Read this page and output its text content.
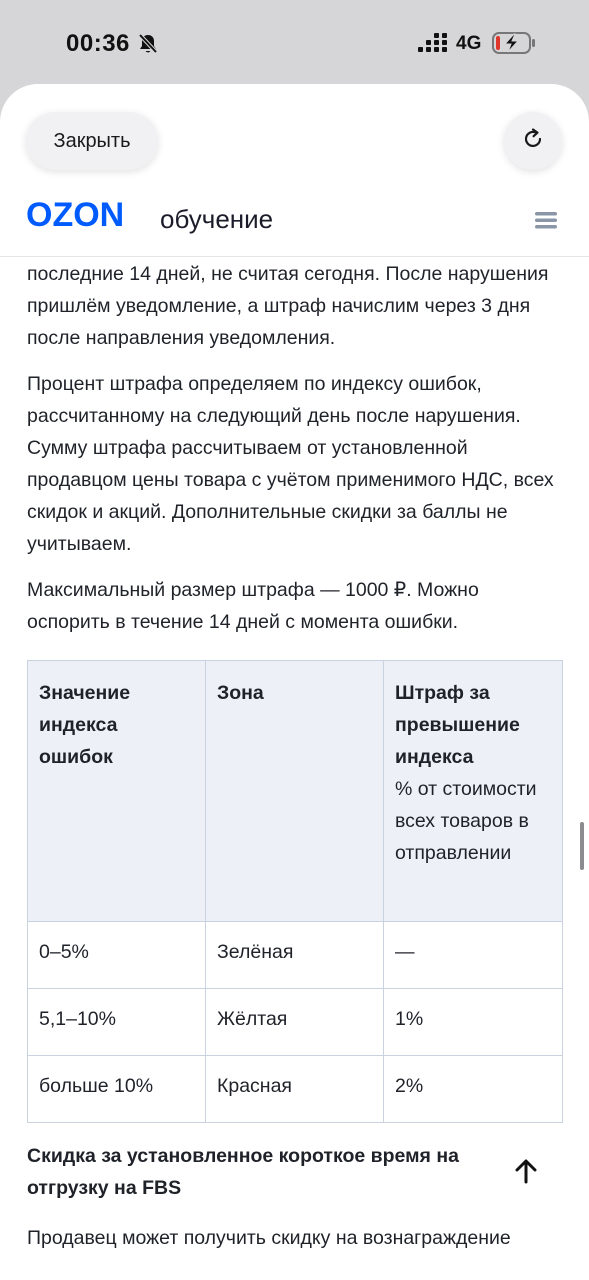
00:36	4G
Закрыть
OZON обучение

последние 14 дней, не считая сегодня. После нарушения пришлём уведомление, а штраф начислим через 3 дня после направления уведомления.

Процент штрафа определяем по индексу ошибок, рассчитанному на следующий день после нарушения. Сумму штрафа рассчитываем от установленной продавцом цены товара с учётом применимого НДС, всех скидок и акций. Дополнительные скидки за баллы не учитываем.

Максимальный размер штрафа — 1000 ₽. Можно оспорить в течение 14 дней с момента ошибки.

Значение индекса ошибок	Зона	Штраф за превышение индекса
% от стоимости всех товаров в отправлении

0–5%	Зелёная	—
5,1–10%	Жёлтая	1%
больше 10%	Красная	2%
Скидка за установленное короткое время на отгрузку на FBS
Продавец может получить скидку на вознаграждение
